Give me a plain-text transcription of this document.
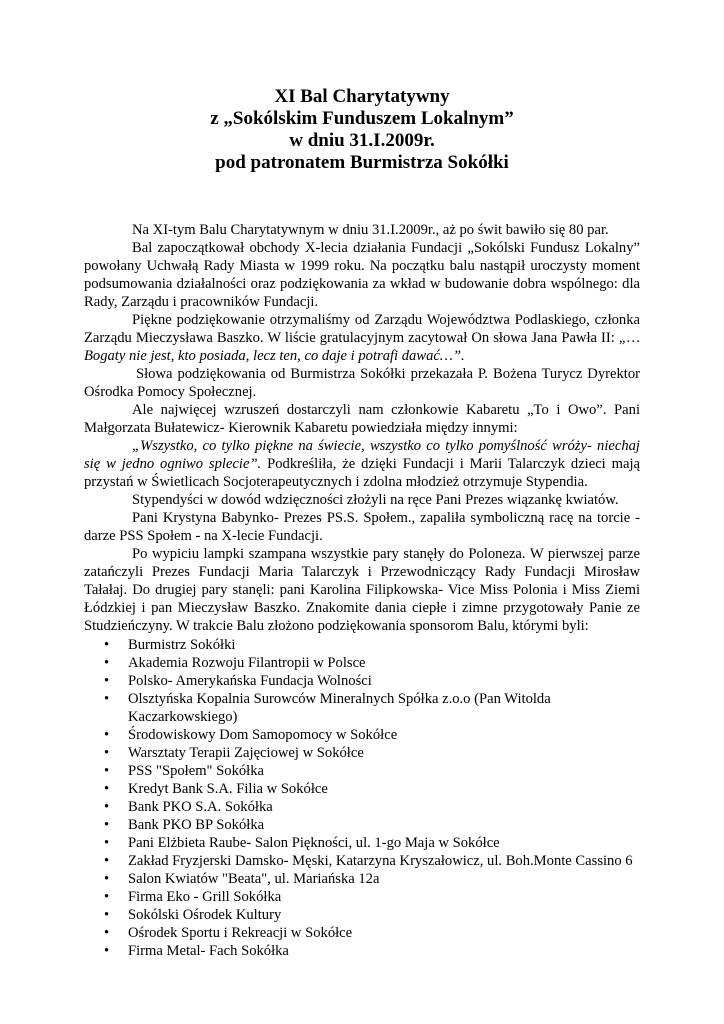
XI Bal Charytatywny

z „Sokólskim Funduszem Lokalnym”

w dniu 31.I.2009r.

pod patronatem Burmistrza Sokółki

Na XI-tym Balu Charytatywnym w dniu 31.I.2009r., aż po świt bawiło się 80 par.

Bal zapoczątkował obchody X-lecia działania Fundacji „Sokólski Fundusz Lokalny” powołany Uchwałą Rady Miasta w 1999 roku. Na początku balu nastąpił uroczysty moment podsumowania działalności oraz podziękowania za wkład w budowanie dobra wspólnego: dla Rady, Zarządu i pracowników Fundacji.

Piękne podziękowanie otrzymaliśmy od Zarządu Województwa Podlaskiego, członka Zarządu Mieczysława Baszko. W liście gratulacyjnym zacytował On słowa Jana Pawła II: „…Bogaty nie jest, kto posiada, lecz ten, co daje i potrafi dawać…”.

Słowa podziękowania od Burmistrza Sokółki przekazała P. Bożena Turycz Dyrektor Ośrodka Pomocy Społecznej.

Ale najwięcej wzruszeń dostarczyli nam członkowie Kabaretu „To i Owo”. Pani Małgorzata Bułatewicz- Kierownik Kabaretu powiedziała między innymi:

„Wszystko, co tylko piękne na świecie, wszystko co tylko pomyślność wróży- niechaj się w jedno ogniwo splecie”. Podkreśliła, że dzięki Fundacji i Marii Talarczyk dzieci mają przystań w Świetlicach Socjoterapeutycznych i zdolna młodzież otrzymuje Stypendia.

Stypendyści w dowód wdzięczności złożyli na ręce Pani Prezes wiązankę kwiatów.

Pani Krystyna Babynko- Prezes PS.S. Społem., zapaliła symboliczną racę na torcie - darze PSS Społem - na X-lecie Fundacji.

Po wypiciu lampki szampana wszystkie pary stanęły do Poloneza. W pierwszej parze zatańczyli Prezes Fundacji Maria Talarczyk i Przewodniczący Rady Fundacji Mirosław Tałałaj. Do drugiej pary stanęli: pani Karolina Filipkowska- Vice Miss Polonia i Miss Ziemi Łódzkiej i pan Mieczysław Baszko. Znakomite dania ciepłe i zimne przygotowały Panie ze Studzieńczyny. W trakcie Balu złożono podziękowania sponsorom Balu, którymi byli:

• Burmistrz Sokółki
• Akademia Rozwoju Filantropii w Polsce
• Polsko- Amerykańska Fundacja Wolności
• Olsztyńska Kopalnia Surowców Mineralnych Spółka z.o.o (Pan Witolda Kaczarkowskiego)
• Środowiskowy Dom Samopomocy w Sokółce
• Warsztaty Terapii Zajęciowej w Sokółce
• PSS "Społem" Sokółka
• Kredyt Bank S.A. Filia w Sokółce
• Bank PKO S.A. Sokółka
• Bank PKO BP Sokółka
• Pani Elżbieta Raube- Salon Piękności, ul. 1-go Maja w Sokółce
• Zakład Fryzjerski Damsko- Męski, Katarzyna Kryszałowicz, ul. Boh.Monte Cassino 6
• Salon Kwiatów "Beata", ul. Mariańska 12a
• Firma Eko - Grill Sokółka
• Sokólski Ośrodek Kultury
• Ośrodek Sportu i Rekreacji w Sokółce
• Firma Metal- Fach Sokółka
